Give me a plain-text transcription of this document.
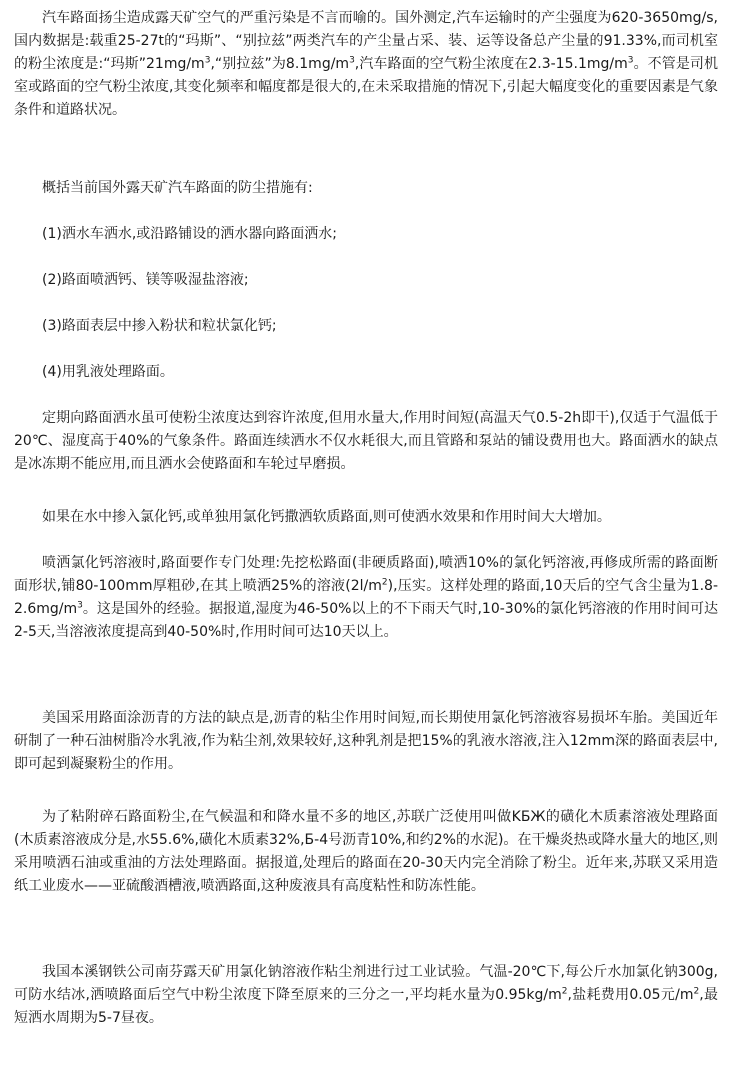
汽车路面扬尘造成露天矿空气的严重污染是不言而喻的。国外测定,汽车运输时的产尘强度为620-3650mg/s,国内数据是:载重25-27t的“玛斯”、“别拉兹”两类汽车的产尘量占采、装、运等设备总产尘量的91.33%,而司机室的粉尘浓度是:“玛斯$”21mg/m^3,“$别拉兹”为$8.1mg/m^3$,汽车路面的空气粉尘浓度在$2.3-15.1mg/m^3$。不管是司机室或路面的空气粉尘浓度,其变化频率和幅度都是很大的,在未采取措施的情况下,引起大幅度变化的重要因素是气象条件和道路状况。

概括当前国外露天矿汽车路面的防尘措施有:

(1)洒水车洒水,或沿路铺设的洒水器向路面洒水;

(2)路面喷洒钙、镁等吸湿盐溶液;

(3)路面表层中掺入粉状和粒状氯化钙;

(4)用乳液处理路面。

定期向路面洒水虽可使粉尘浓度达到容许浓度,但用水量大,作用时间短(高温天气0.5-2h即干),仅适于气温低于20℃、湿度高于40%的气象条件。路面连续洒水不仅水耗很大,而且管路和泵站的铺设费用也大。路面洒水的缺点是冰冻期不能应用,而且洒水会使路面和车轮过早磨损。

如果在水中掺入氯化钙,或单独用氯化钙撒洒软质路面,则可使洒水效果和作用时间大大增加。

喷洒氯化钙溶液时,路面要作专门处理:先挖松路面(非硬质路面),喷洒10%的氯化钙溶液,再修成所需的路面断面形状,铺80-100mm厚粗砂,在其上喷洒25%的溶液$(2l/m^2)$,压实。这样处理的路面,10天后的空气含尘量为$1.8-2.6mg/m^3$。这是国外的经验。据报道,湿度为46-50%以上的不下雨天气时,10-30%的氯化钙溶液的作用时间可达2-5天,当溶液浓度提高到40-50%时,作用时间可达10天以上。

美国采用路面涂沥青的方法的缺点是,沥青的粘尘作用时间短,而长期使用氯化钙溶液容易损坏车胎。美国近年研制了一种石油树脂冷水乳液,作为粘尘剂,效果较好,这种乳剂是把15%的乳液水溶液,注入12mm深的路面表层中,即可起到凝聚粉尘的作用。

为了粘附碎石路面粉尘,在气候温和和降水量不多的地区,苏联广泛使用叫做KБЖ的磺化木质素溶液处理路面(木质素溶液成分是,水55.6%,磺化木质素32%,Б-4号沥青10%,和约2%的水泥)。在干燥炎热或降水量大的地区,则采用喷洒石油或重油的方法处理路面。据报道,处理后的路面在20-30天内完全消除了粉尘。近年来,苏联又采用造纸工业废水——亚硫酸酒槽液,喷洒路面,这种废液具有高度粘性和防冻性能。

我国本溪钢铁公司南芬露天矿用氯化钠溶液作粘尘剂进行过工业试验。气温-20℃下,每公斤水加氯化钠300g,可防水结冰,洒喷路面后空气中粉尘浓度下降至原来的三分之一,平均耗水量为$0.95kg/m^2$,盐耗费用0.05元$/m^2$,最短洒水周期为5-7昼夜。
